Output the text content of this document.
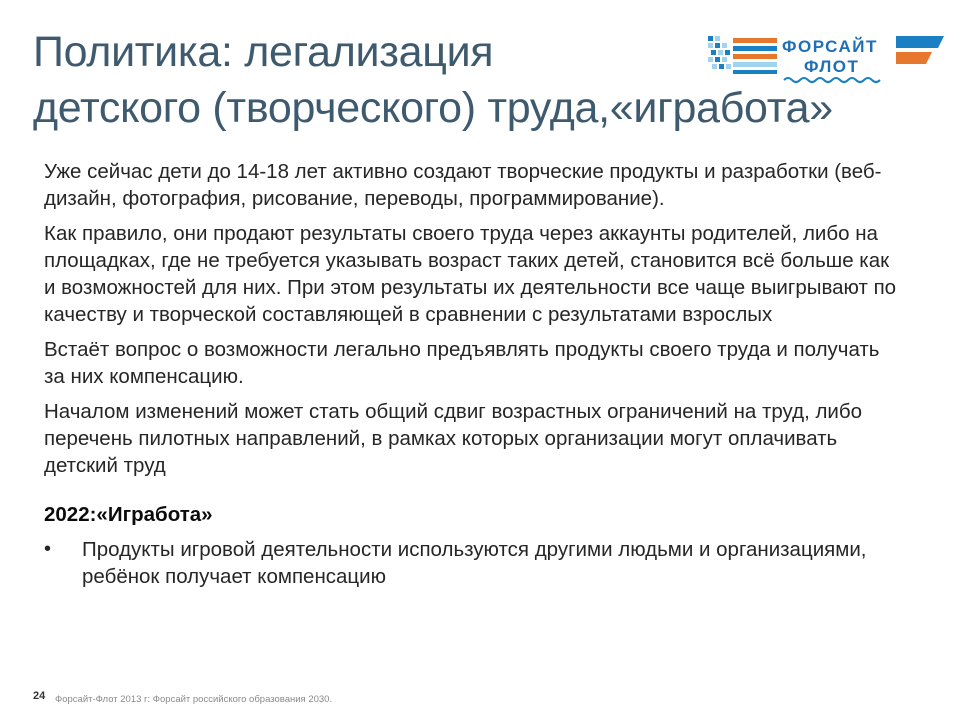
Политика: легализация
детского (творческого) труда,«игработа»
ФОРСАЙТ
ФЛОТ

Уже сейчас дети до 14-18 лет активно создают творческие продукты и разработки (веб-дизайн, фотография, рисование, переводы, программирование).

Как правило, они продают результаты своего труда через аккаунты родителей, либо на площадках, где не требуется указывать возраст таких детей, становится всё больше как и возможностей для них. При этом результаты их деятельности все чаще выигрывают по качеству и творческой составляющей в сравнении с результатами взрослых

Встаёт вопрос о возможности легально предъявлять продукты своего труда и получать за них компенсацию.

Началом изменений может стать общий сдвиг возрастных ограничений на труд, либо перечень пилотных направлений, в рамках которых организации могут оплачивать детский труд

2022:«Игработа»

•	Продукты игровой деятельности используются другими людьми и организациями, ребёнок получает компенсацию
24 Форсайт-Флот 2013 г: Форсайт российского образования 2030.
